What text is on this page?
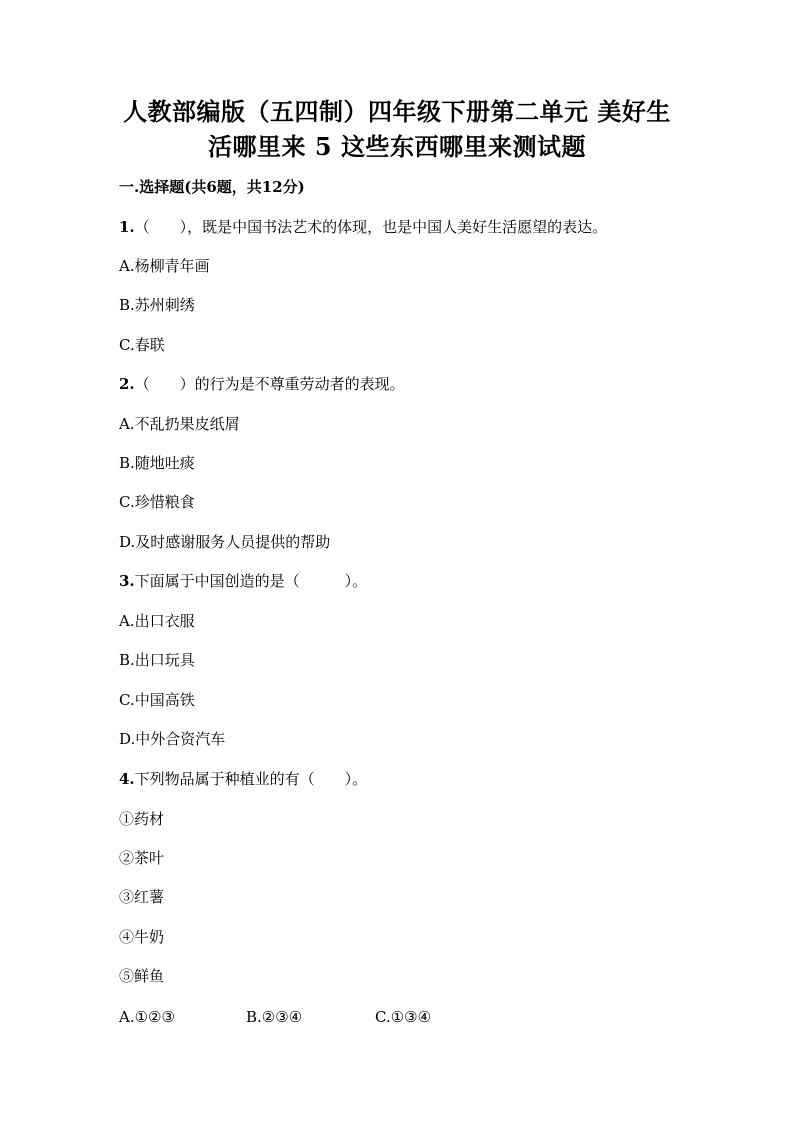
人教部编版（五四制）四年级下册第二单元 美好生
活哪里来 5 这些东西哪里来测试题
一.选择题(共6题，共12分)
1.（　　），既是中国书法艺术的体现，也是中国人美好生活愿望的表达。
A.杨柳青年画
B.苏州刺绣
C.春联
2.（　　）的行为是不尊重劳动者的表现。
A.不乱扔果皮纸屑
B.随地吐痰
C.珍惜粮食
D.及时感谢服务人员提供的帮助
3.下面属于中国创造的是（　　　）。
A.出口衣服
B.出口玩具
C.中国高铁
D.中外合资汽车
4.下列物品属于种植业的有（　　）。
①药材
②茶叶
③红薯
④牛奶
⑤鲜鱼
A.①②③	B.②③④	C.①③④
